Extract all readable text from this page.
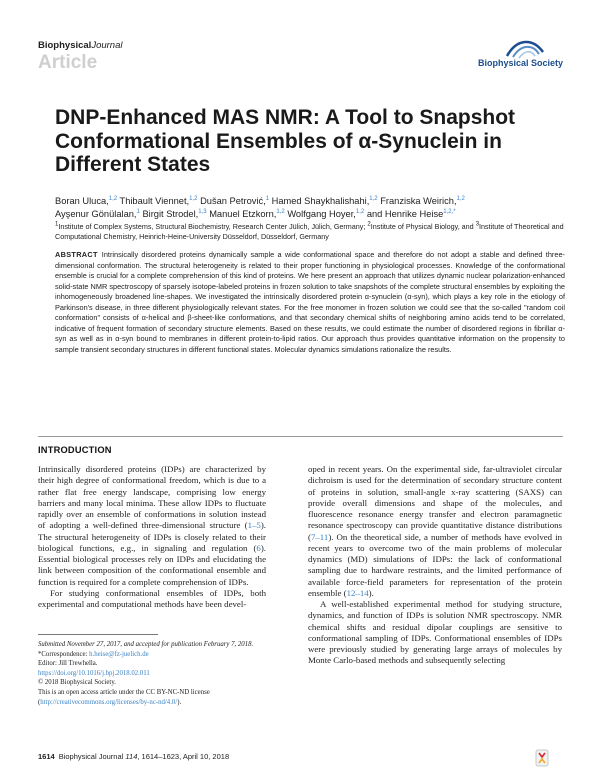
BiophysicalJournal
Article	Biophysical Society
DNP-Enhanced MAS NMR: A Tool to Snapshot Conformational Ensembles of α-Synuclein in Different States
Boran Uluca,$^{1,2}$ Thibault Viennet,$^{1,2}$ Dušan Petrović,$^1$ Hamed Shaykhalishahi,$^{1,2}$ Franziska Weirich,$^{1,2}$
Ayşenur Gönülalan,$^1$ Birgit Strodel,$^{1,3}$ Manuel Etzkorn,$^{1,2}$ Wolfgang Hoyer,$^{1,2}$ and Henrike Heise$^{1,2,*}$
$^1$Institute of Complex Systems, Structural Biochemistry, Research Center Jülich, Jülich, Germany; $^2$Institute of Physical Biology, and $^3$Institute of Theoretical and Computational Chemistry, Heinrich-Heine-University Düsseldorf, Düsseldorf, Germany
ABSTRACT Intrinsically disordered proteins dynamically sample a wide conformational space and therefore do not adopt a stable and defined three-dimensional conformation. The structural heterogeneity is related to their proper functioning in physiological processes. Knowledge of the conformational ensemble is crucial for a complete comprehension of this kind of proteins. We here present an approach that utilizes dynamic nuclear polarization-enhanced solid-state NMR spectroscopy of sparsely isotope-labeled proteins in frozen solution to take snapshots of the complete structural ensembles by exploiting the inhomogeneously broadened line-shapes. We investigated the intrinsically disordered protein α-synuclein (α-syn), which plays a key role in the etiology of Parkinson's disease, in three different physiologically relevant states. For the free monomer in frozen solution we could see that the so-called "random coil conformation" consists of α-helical and β-sheet-like conformations, and that secondary chemical shifts of neighboring amino acids tend to be correlated, indicative of frequent formation of secondary structure elements. Based on these results, we could estimate the number of disordered regions in fibrillar α-syn as well as in α-syn bound to membranes in different protein-to-lipid ratios. Our approach thus provides quantitative information on the propensity to sample transient secondary structures in different functional states. Molecular dynamics simulations rationalize the results.
INTRODUCTION

Intrinsically disordered proteins (IDPs) are characterized by their high degree of conformational freedom, which is due to a rather flat free energy landscape, comprising low energy barriers and many local minima. These allow IDPs to fluctuate rapidly over an ensemble of conformations in solution instead of adopting a well-defined three-dimensional structure (1–5). The structural heterogeneity of IDPs is closely related to their biological functions, e.g., in signaling and regulation (6). Essential biological processes rely on IDPs and elucidating the link between composition of the conformational ensemble and function is required for a complete comprehension of IDPs.

For studying conformational ensembles of IDPs, both experimental and computational methods have been devel-

oped in recent years. On the experimental side, far-ultraviolet circular dichroism is used for the determination of secondary structure content of proteins in solution, small-angle x-ray scattering (SAXS) can provide overall dimensions and shape of the molecules, and fluorescence resonance energy transfer and electron paramagnetic resonance spectroscopy can provide quantitative distance distributions (7–11). On the theoretical side, a number of methods have evolved in recent years to overcome two of the main problems of molecular dynamics (MD) simulations of IDPs: the lack of conformational sampling due to hardware restraints, and the limited performance of available force-field parameters for representation of the protein ensemble (12–14).

A well-established experimental method for studying structure, dynamics, and function of IDPs is solution NMR spectroscopy. NMR chemical shifts and residual dipolar couplings are sensitive to conformational sampling of IDPs. Conformational ensembles of IDPs were previously studied by generating large arrays of molecules by Monte Carlo-based methods and subsequently selecting

Submitted November 27, 2017, and accepted for publication February 7, 2018.

*Correspondence: h.heise@fz-juelich.de

Editor: Jill Trewhella.

https://doi.org/10.1016/j.bpj.2018.02.011

© 2018 Biophysical Society.

This is an open access article under the CC BY-NC-ND license (http://creativecommons.org/licenses/by-nc-nd/4.0/).

1614 Biophysical Journal 114, 1614–1623, April 10, 2018
